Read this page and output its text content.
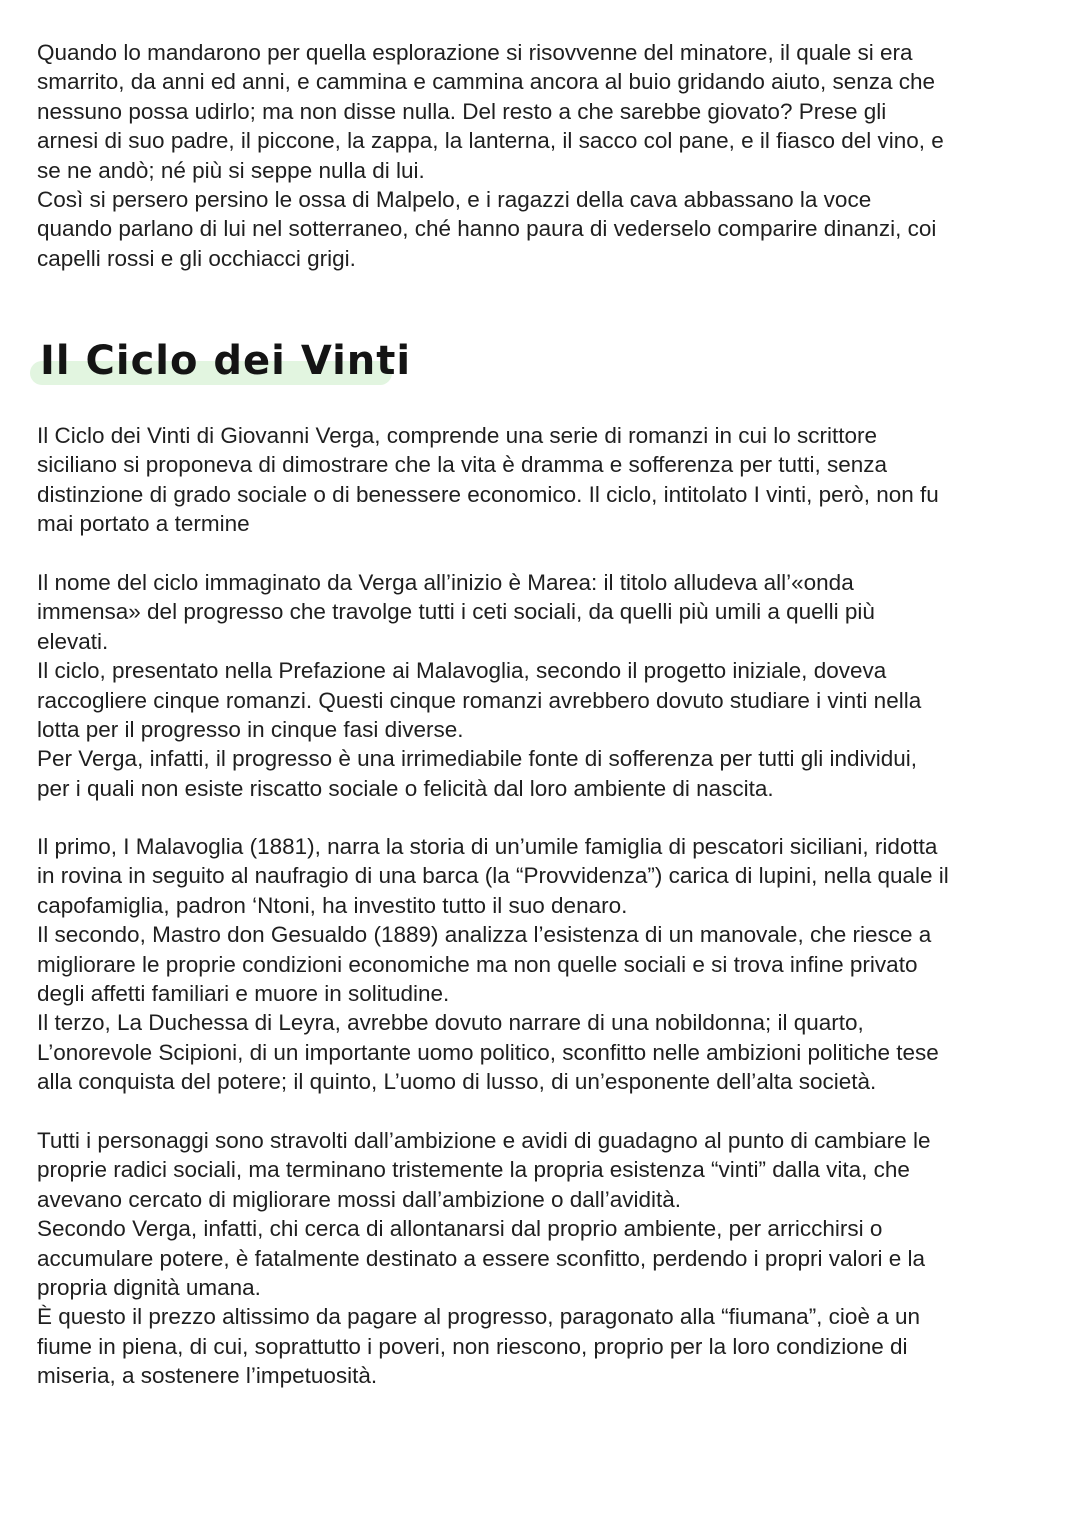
Quando lo mandarono per quella esplorazione si risovvenne del minatore, il quale si era
smarrito, da anni ed anni, e cammina e cammina ancora al buio gridando aiuto, senza che
nessuno possa udirlo; ma non disse nulla. Del resto a che sarebbe giovato? Prese gli
arnesi di suo padre, il piccone, la zappa, la lanterna, il sacco col pane, e il fiasco del vino, e
se ne andò; né più si seppe nulla di lui.
Così si persero persino le ossa di Malpelo, e i ragazzi della cava abbassano la voce
quando parlano di lui nel sotterraneo, ché hanno paura di vederselo comparire dinanzi, coi
capelli rossi e gli occhiacci grigi.

Il Ciclo dei Vinti

Il Ciclo dei Vinti di Giovanni Verga, comprende una serie di romanzi in cui lo scrittore
siciliano si proponeva di dimostrare che la vita è dramma e sofferenza per tutti, senza
distinzione di grado sociale o di benessere economico. Il ciclo, intitolato I vinti, però, non fu
mai portato a termine

Il nome del ciclo immaginato da Verga all’inizio è Marea: il titolo alludeva all’«onda
immensa» del progresso che travolge tutti i ceti sociali, da quelli più umili a quelli più
elevati.
Il ciclo, presentato nella Prefazione ai Malavoglia, secondo il progetto iniziale, doveva
raccogliere cinque romanzi. Questi cinque romanzi avrebbero dovuto studiare i vinti nella
lotta per il progresso in cinque fasi diverse.
Per Verga, infatti, il progresso è una irrimediabile fonte di sofferenza per tutti gli individui,
per i quali non esiste riscatto sociale o felicità dal loro ambiente di nascita.

Il primo, I Malavoglia (1881), narra la storia di un’umile famiglia di pescatori siciliani, ridotta
in rovina in seguito al naufragio di una barca (la “Provvidenza”) carica di lupini, nella quale il
capofamiglia, padron ‘Ntoni, ha investito tutto il suo denaro.
Il secondo, Mastro don Gesualdo (1889) analizza l’esistenza di un manovale, che riesce a
migliorare le proprie condizioni economiche ma non quelle sociali e si trova infine privato
degli affetti familiari e muore in solitudine.
Il terzo, La Duchessa di Leyra, avrebbe dovuto narrare di una nobildonna; il quarto,
L’onorevole Scipioni, di un importante uomo politico, sconfitto nelle ambizioni politiche tese
alla conquista del potere; il quinto, L’uomo di lusso, di un’esponente dell’alta società.

Tutti i personaggi sono stravolti dall’ambizione e avidi di guadagno al punto di cambiare le
proprie radici sociali, ma terminano tristemente la propria esistenza “vinti” dalla vita, che
avevano cercato di migliorare mossi dall’ambizione o dall’avidità.
Secondo Verga, infatti, chi cerca di allontanarsi dal proprio ambiente, per arricchirsi o
accumulare potere, è fatalmente destinato a essere sconfitto, perdendo i propri valori e la
propria dignità umana.
È questo il prezzo altissimo da pagare al progresso, paragonato alla “fiumana”, cioè a un
fiume in piena, di cui, soprattutto i poveri, non riescono, proprio per la loro condizione di
miseria, a sostenere l’impetuosità.
